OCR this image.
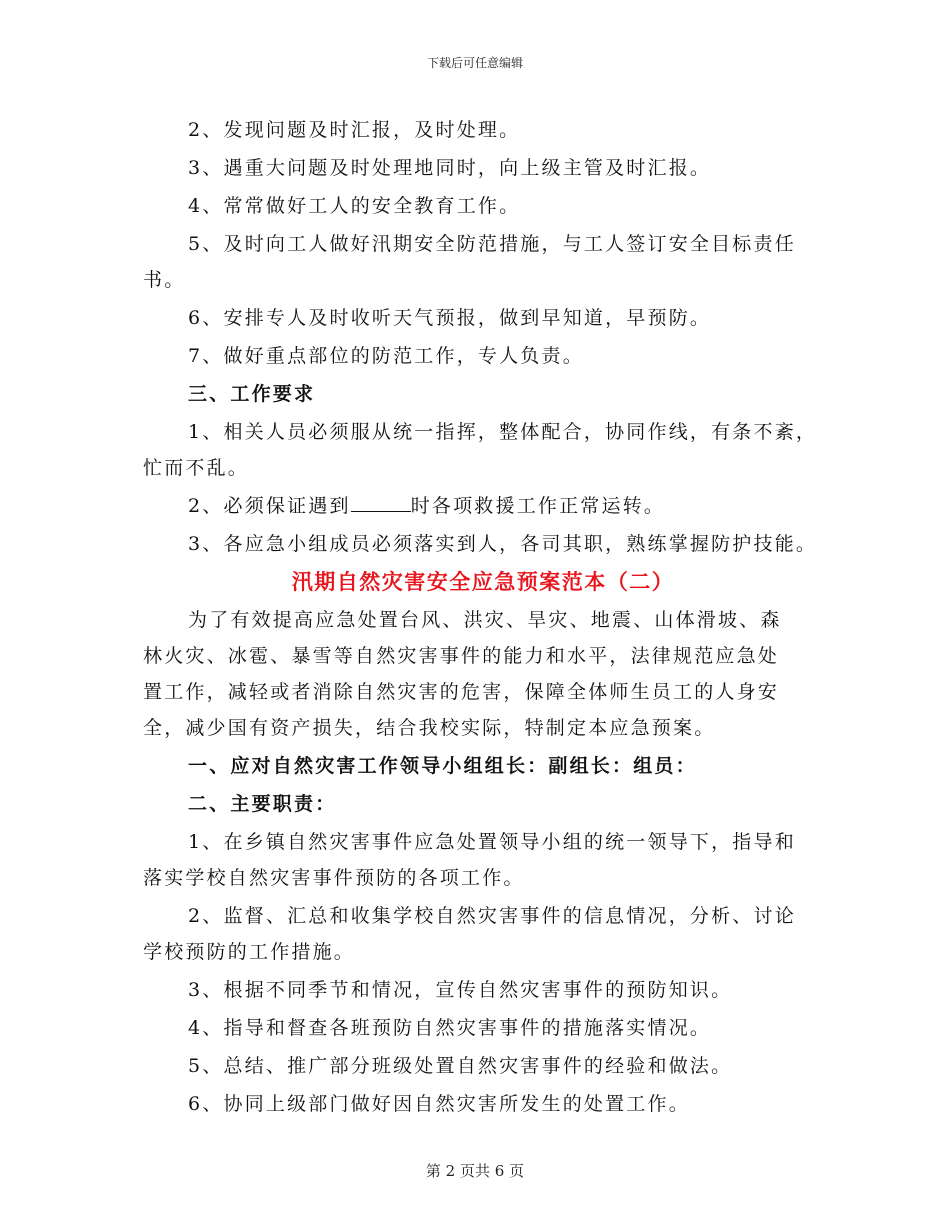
下载后可任意编辑

2、发现问题及时汇报，及时处理。

3、遇重大问题及时处理地同时，向上级主管及时汇报。

4、常常做好工人的安全教育工作。

5、及时向工人做好汛期安全防范措施，与工人签订安全目标责任

书。

6、安排专人及时收听天气预报，做到早知道，早预防。

7、做好重点部位的防范工作，专人负责。

三、工作要求

1、相关人员必须服从统一指挥，整体配合，协同作线，有条不紊，

忙而不乱。

2、必须保证遇到	时各项救援工作正常运转。

3、各应急小组成员必须落实到人，各司其职，熟练掌握防护技能。

汛期自然灾害安全应急预案范本（二）

为了有效提高应急处置台风、洪灾、旱灾、地震、山体滑坡、森

林火灾、冰雹、暴雪等自然灾害事件的能力和水平，法律规范应急处

置工作，减轻或者消除自然灾害的危害，保障全体师生员工的人身安

全，减少国有资产损失，结合我校实际，特制定本应急预案。

一、应对自然灾害工作领导小组组长：副组长：组员：

二、主要职责：

1、在乡镇自然灾害事件应急处置领导小组的统一领导下，指导和

落实学校自然灾害事件预防的各项工作。

2、监督、汇总和收集学校自然灾害事件的信息情况，分析、讨论

学校预防的工作措施。

3、根据不同季节和情况，宣传自然灾害事件的预防知识。

4、指导和督查各班预防自然灾害事件的措施落实情况。

5、总结、推广部分班级处置自然灾害事件的经验和做法。

6、协同上级部门做好因自然灾害所发生的处置工作。

第 2 页共 6 页
